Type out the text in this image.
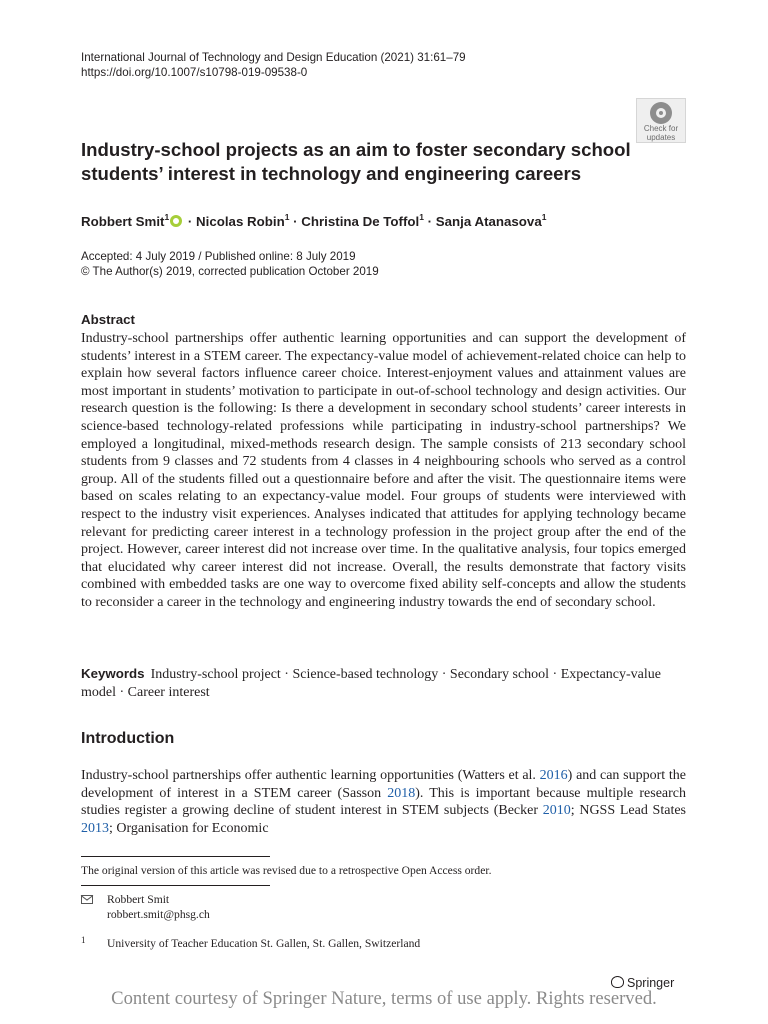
International Journal of Technology and Design Education (2021) 31:61–79
https://doi.org/10.1007/s10798-019-09538-0
Check for
updates
Industry-school projects as an aim to foster secondary school students’ interest in technology and engineering careers
Robbert Smit$^1$ · Nicolas Robin$^1$ · Christina De Toffol$^1$ · Sanja Atanasova$^1$
Accepted: 4 July 2019 / Published online: 8 July 2019
© The Author(s) 2019, corrected publication October 2019
Abstract
Industry-school partnerships offer authentic learning opportunities and can support the development of students’ interest in a STEM career. The expectancy-value model of achievement-related choice can help to explain how several factors influence career choice. Interest-enjoyment values and attainment values are most important in students’ motivation to participate in out-of-school technology and design activities. Our research question is the following: Is there a development in secondary school students’ career interests in science-based technology-related professions while participating in industry-school partnerships? We employed a longitudinal, mixed-methods research design. The sample consists of 213 secondary school students from 9 classes and 72 students from 4 classes in 4 neighbouring schools who served as a control group. All of the students filled out a questionnaire before and after the visit. The questionnaire items were based on scales relating to an expectancy-value model. Four groups of students were interviewed with respect to the industry visit experiences. Analyses indicated that attitudes for applying technology became relevant for predicting career interest in a technology profession in the project group after the end of the project. However, career interest did not increase over time. In the qualitative analysis, four topics emerged that elucidated why career interest did not increase. Overall, the results demonstrate that factory visits combined with embedded tasks are one way to overcome fixed ability self-concepts and allow the students to reconsider a career in the technology and engineering industry towards the end of secondary school.
Keywords Industry-school project · Science-based technology · Secondary school · Expectancy-value model · Career interest
Introduction
Industry-school partnerships offer authentic learning opportunities (Watters et al. 2016) and can support the development of interest in a STEM career (Sasson 2018). This is important because multiple research studies register a growing decline of student interest in STEM subjects (Becker 2010; NGSS Lead States 2013; Organisation for Economic
The original version of this article was revised due to a retrospective Open Access order.
Robbert Smit
robbert.smit@phsg.ch
1 University of Teacher Education St. Gallen, St. Gallen, Switzerland
Springer
Content courtesy of Springer Nature, terms of use apply. Rights reserved.
